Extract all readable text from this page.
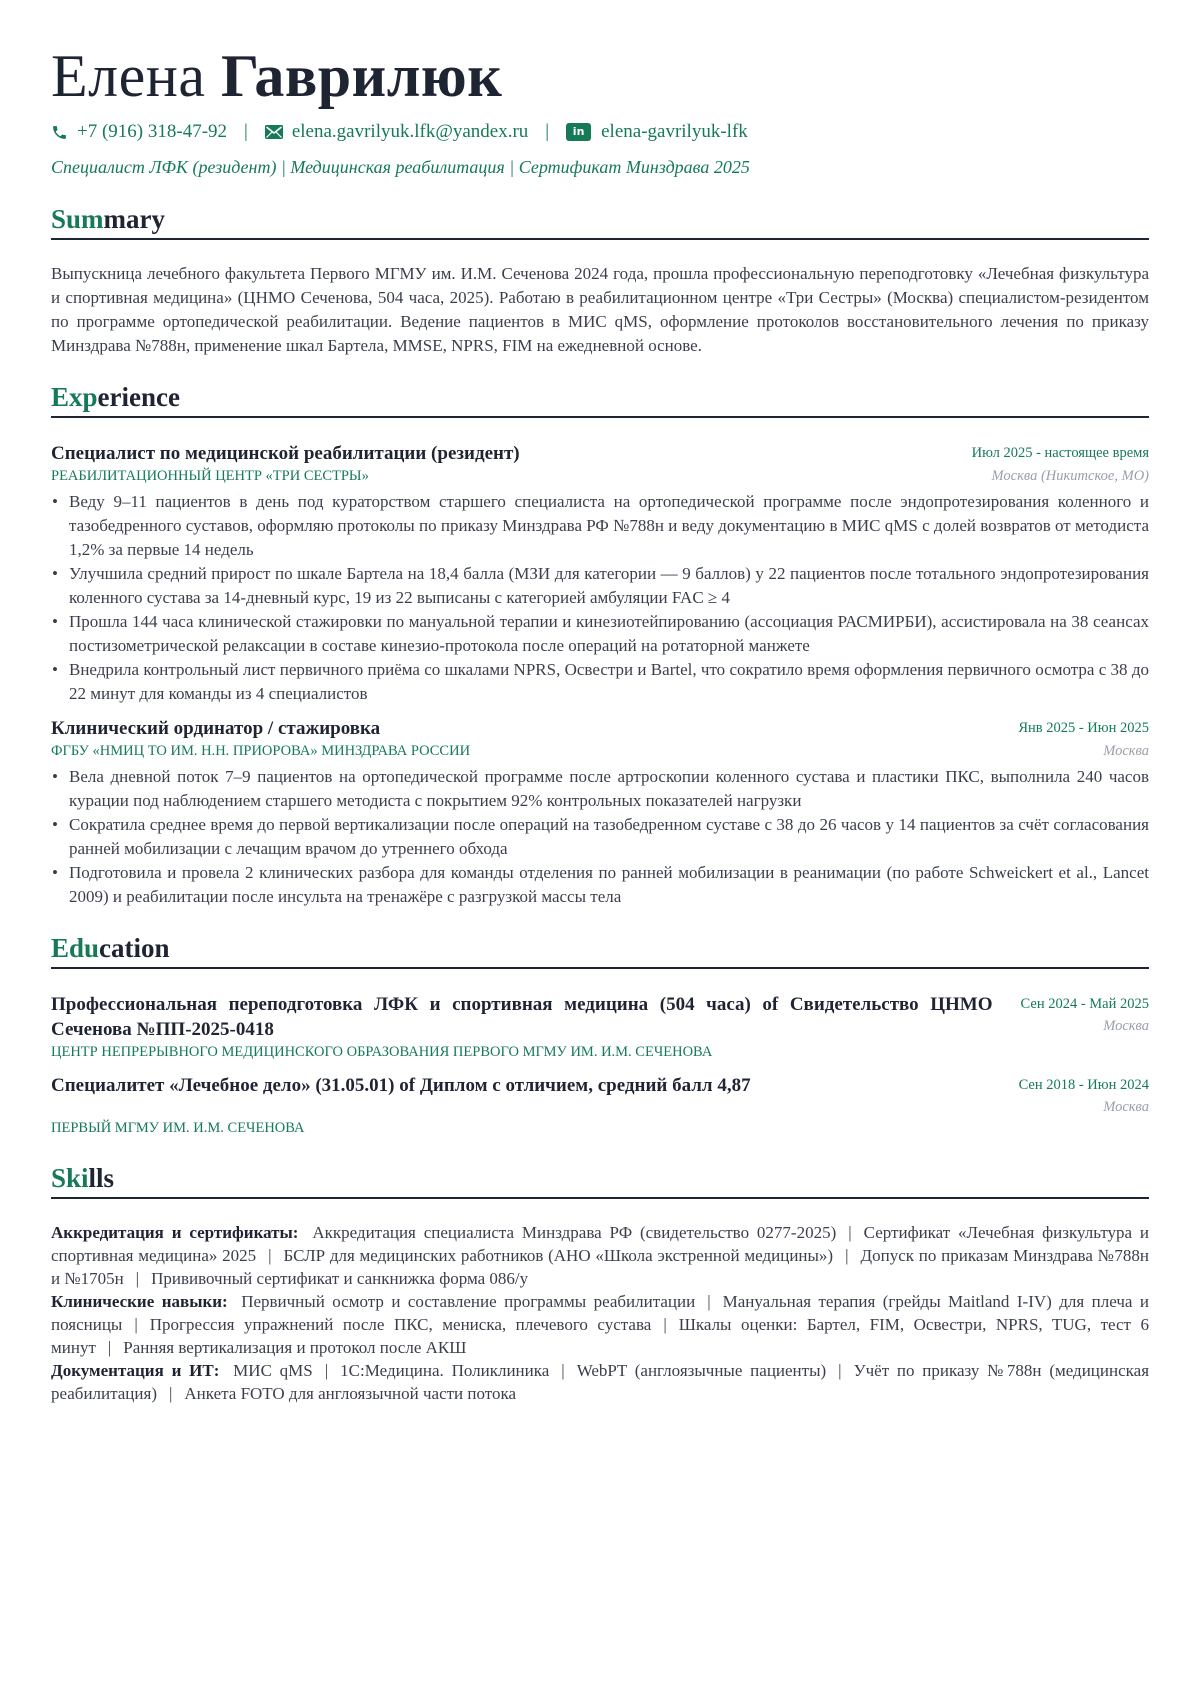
Елена Гаврилюк
+7 (916) 318-47-92 | elena.gavrilyuk.lfk@yandex.ru |	in elena-gavrilyuk-lfk
Специалист ЛФК (резидент) | Медицинская реабилитация | Сертификат Минздрава 2025
Summary
Выпускница лечебного факультета Первого МГМУ им. И.М. Сеченова 2024 года, прошла профессиональную переподготовку «Лечебная физкультура и спортивная медицина» (ЦНМО Сеченова, 504 часа, 2025). Работаю в реабилитационном центре «Три Сестры» (Москва) специалистом-резидентом по программе ортопедической реабилитации. Ведение пациентов в МИС qMS, оформление протоколов восстановительного лечения по приказу Минздрава №788н, применение шкал Бартела, MMSE, NPRS, FIM на ежедневной основе.
Experience
Специалист по медицинской реабилитации (резидент)	Июл 2025 - настоящее время
РЕАБИЛИТАЦИОННЫЙ ЦЕНТР «ТРИ СЕСТРЫ»	Москва (Никитское, МО)
• Веду 9–11 пациентов в день под кураторством старшего специалиста на ортопедической программе после эндопротезирования коленного и тазобедренного суставов, оформляю протоколы по приказу Минздрава РФ №788н и веду документацию в МИС qMS с долей возвратов от методиста 1,2% за первые 14 недель
• Улучшила средний прирост по шкале Бартела на 18,4 балла (МЗИ для категории — 9 баллов) у 22 пациентов после тотального эндопротезирования коленного сустава за 14-дневный курс, 19 из 22 выписаны с категорией амбуляции FAC ≥ 4
• Прошла 144 часа клинической стажировки по мануальной терапии и кинезиотейпированию (ассоциация РАСМИРБИ), ассистировала на 38 сеансах постизометрической релаксации в составе кинезио-протокола после операций на ротаторной манжете
• Внедрила контрольный лист первичного приёма со шкалами NPRS, Освестри и Bartel, что сократило время оформления первичного осмотра с 38 до 22 минут для команды из 4 специалистов
Клинический ординатор / стажировка	Янв 2025 - Июн 2025
ФГБУ «НМИЦ ТО ИМ. Н.Н. ПРИОРОВА» МИНЗДРАВА РОССИИ	Москва
• Вела дневной поток 7–9 пациентов на ортопедической программе после артроскопии коленного сустава и пластики ПКС, выполнила 240 часов курации под наблюдением старшего методиста с покрытием 92% контрольных показателей нагрузки
• Сократила среднее время до первой вертикализации после операций на тазобедренном суставе с 38 до 26 часов у 14 пациентов за счёт согласования ранней мобилизации с лечащим врачом до утреннего обхода
• Подготовила и провела 2 клинических разбора для команды отделения по ранней мобилизации в реанимации (по работе Schweickert et al., Lancet 2009) и реабилитации после инсульта на тренажёре с разгрузкой массы тела
Education
Профессиональная переподготовка ЛФК и спортивная медицина (504 часа) of Свидетельство ЦНМО Сеченова №ПП-2025-0418
Сен 2024 - Май 2025
Москва
ЦЕНТР НЕПРЕРЫВНОГО МЕДИЦИНСКОГО ОБРАЗОВАНИЯ ПЕРВОГО МГМУ ИМ. И.М. СЕЧЕНОВА
Специалитет «Лечебное дело» (31.05.01) of Диплом с отличием, средний балл 4,87	Сен 2018 - Июн 2024
Москва
ПЕРВЫЙ МГМУ ИМ. И.М. СЕЧЕНОВА
Skills
Аккредитация и сертификаты: Аккредитация специалиста Минздрава РФ (свидетельство 0277-2025) | Сертификат «Лечебная физкультура и спортивная медицина» 2025 | БСЛР для медицинских работников (АНО «Школа экстренной медицины») | Допуск по приказам Минздрава №788н и №1705н | Прививочный сертификат и санкнижка форма 086/у
Клинические навыки: Первичный осмотр и составление программы реабилитации | Мануальная терапия (грейды Maitland I-IV) для плеча и поясницы | Прогрессия упражнений после ПКС, мениска, плечевого сустава | Шкалы оценки: Бартел, FIM, Освестри, NPRS, TUG, тест 6 минут | Ранняя вертикализация и протокол после АКШ
Документация и ИТ: МИС qMS | 1С:Медицина. Поликлиника | WebPT (англоязычные пациенты) | Учёт по приказу №788н (медицинская реабилитация) | Анкета FOTO для англоязычной части потока
